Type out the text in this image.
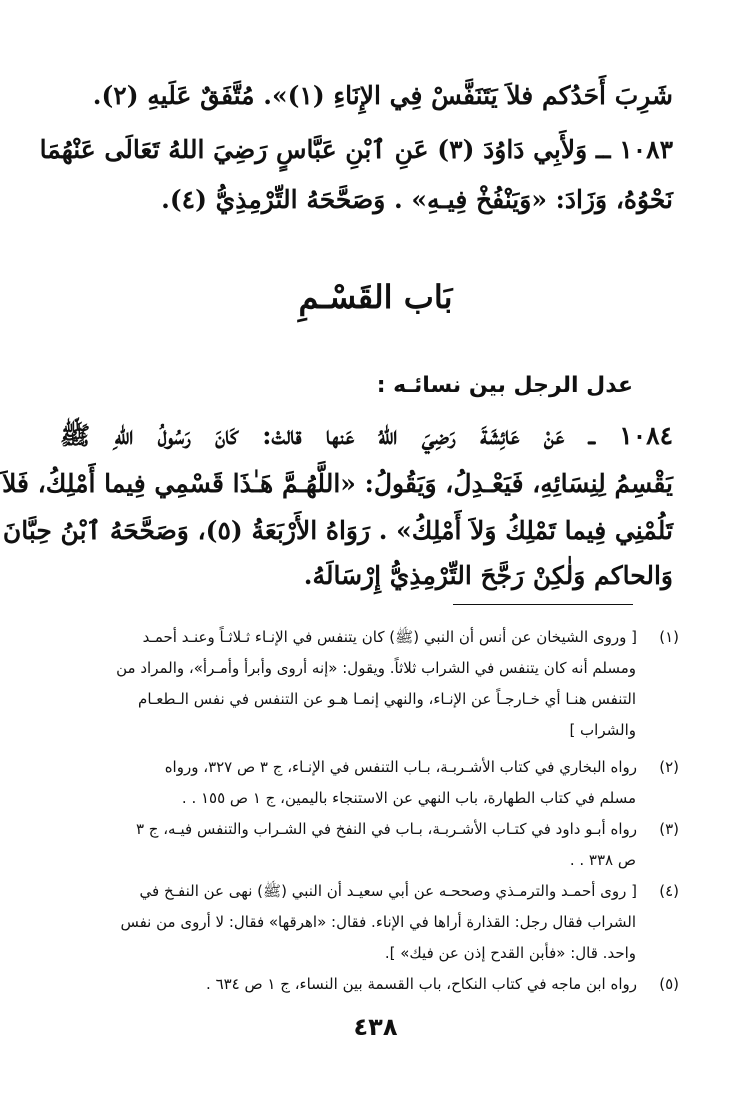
شَرِبَ أَحَدُكم فلاَ يَتَنَفَّسْ فِي الإِنَاءِ (١)». مُتَّفَقٌ عَلَيهِ (٢).
١٠٨٣ ــ وَلأَبِي دَاوُدَ (٣) عَنِ ٱبْنِ عَبَّاسٍ رَضِيَ اللهُ تَعَالَى عَنْهُمَا
نَحْوُهُ، وَزَادَ: «وَيَنْفُخْ فِيـهِ» . وَصَحَّحَهُ التِّرْمِذِيُّ (٤).
بَاب القَسْـمِ
عدل الرجل بين نسائـه :
١٠٨٤ ــ عَنْ عَائِشَةَ رَضِيَ اللهُ عَنها قالتْ: كَانَ رَسُولُ اللهِ ﷺ
يَقْسِمُ لِنِسَائِهِ، فَيَعْـدِلُ، وَيَقُولُ: «اللَّهُـمَّ هَـٰذَا قَسْمِي فِيما أَمْلِكُ، فَلاَ
تَلُمْنِي فِيما تَمْلِكُ وَلاَ أَمْلِكُ» . رَوَاهُ الأَرْبَعَةُ (٥)، وَصَحَّحَهُ ٱبْنُ حِبَّانَ
وَالحاكم وَلٰكِنْ رَجَّحَ التِّرْمِذِيُّ إِرْسَالَهُ.
(١)[ وروى الشيخان عن أنس أن النبي (ﷺ) كان يتنفس في الإنـاء ثـلاثـاً وعنـد أحمـد
ومسلم أنه كان يتنفس في الشراب ثلاثاً. ويقول: «إنه أروى وأبرأ وأمـرأ»، والمراد من
التنفس هنـا أي خـارجـاً عن الإنـاء، والنهي إنمـا هـو عن التنفس في نفس الـطعـام
والشراب ]
(٢)رواه البخاري في كتاب الأشـربـة، بـاب التنفس في الإنـاء، ج ٣ ص ٣٢٧، ورواه
مسلم في كتاب الطهارة، باب النهي عن الاستنجاء باليمين، ج ١ ص ١٥٥ . .
(٣)رواه أبـو داود في كتـاب الأشـربـة، بـاب في النفخ في الشـراب والتنفس فيـه، ج ٣
ص ٣٣٨ . .
(٤)[ روى أحمـد والترمـذي وصححـه عن أبي سعيـد أن النبي (ﷺ) نهى عن النفـخ في
الشراب فقال رجل: القذارة أراها في الإناء. فقال: «اهرقها» فقال: لا أروى من نفس
واحد. قال: «فأبن القدح إذن عن فيك» ].
(٥)رواه ابن ماجه في كتاب النكاح، باب القسمة بين النساء، ج ١ ص ٦٣٤ .
٤٣٨
